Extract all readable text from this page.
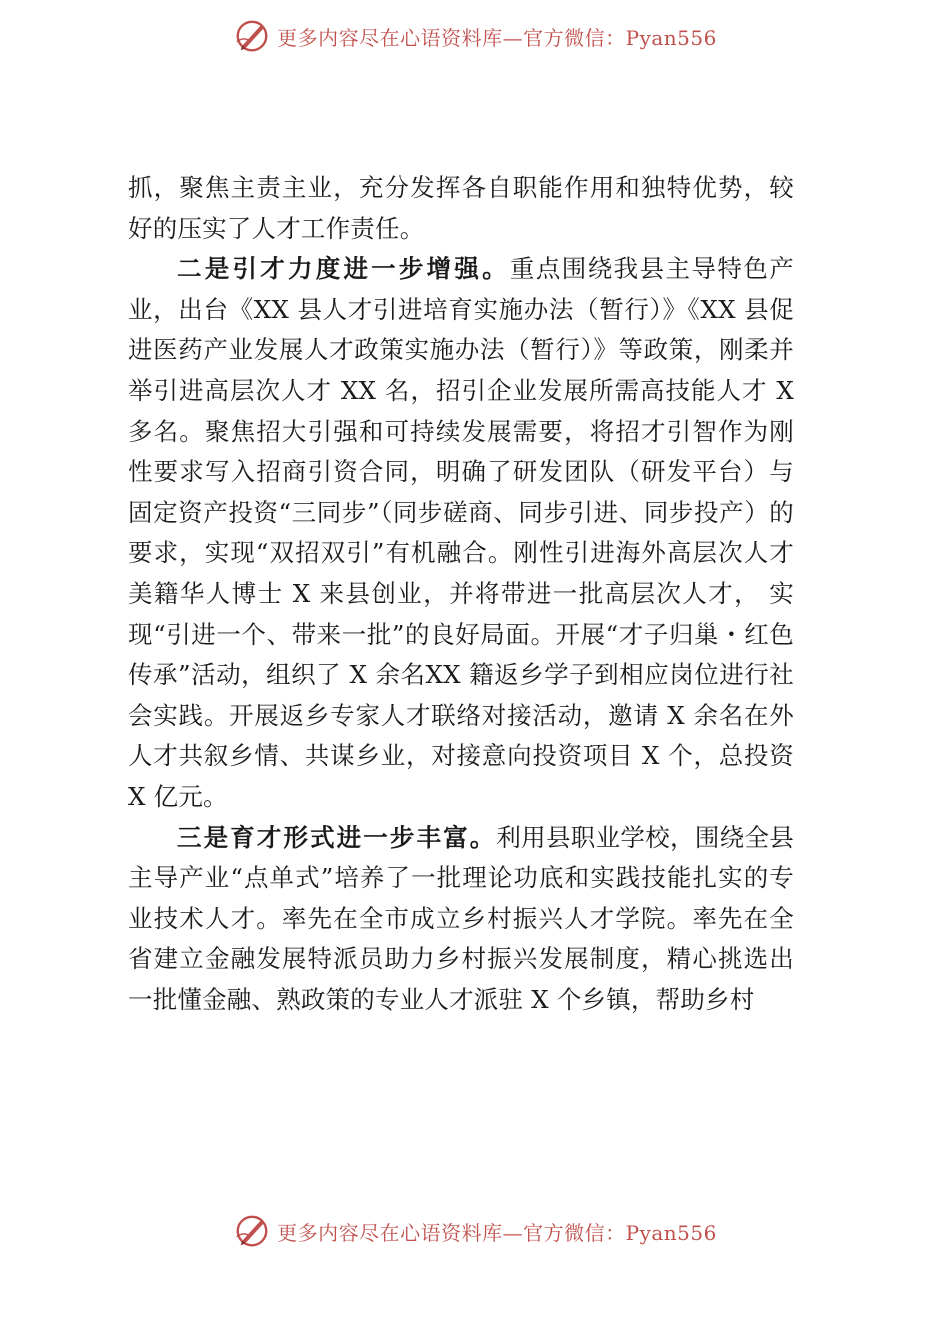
更多内容尽在心语资料库—官方微信：Pyan556

抓，聚焦主责主业，充分发挥各自职能作用和独特优势，较好的压实了人才工作责任。

二是引才力度进一步增强。重点围绕我县主导特色产业，出台《XX 县人才引进培育实施办法（暂行）》《XX 县促进医药产业发展人才政策实施办法（暂行）》等政策，刚柔并举引进高层次人才 XX 名，招引企业发展所需高技能人才 X 多名。聚焦招大引强和可持续发展需要，将招才引智作为刚性要求写入招商引资合同，明确了研发团队（研发平台）与固定资产投资“三同步”（同步磋商、同步引进、同步投产）的要求，实现“双招双引”有机融合。刚性引进海外高层次人才美籍华人博士 X 来县创业，并将带进一批高层次人才， 实现“引进一个、带来一批”的良好局面。开展“才子归巢・红色传承”活动，组织了 X 余名XX 籍返乡学子到相应岗位进行社会实践。开展返乡专家人才联络对接活动，邀请 X 余名在外人才共叙乡情、共谋乡业，对接意向投资项目 X 个，总投资 X 亿元。

三是育才形式进一步丰富。利用县职业学校，围绕全县主导产业“点单式”培养了一批理论功底和实践技能扎实的专业技术人才。率先在全市成立乡村振兴人才学院。率先在全省建立金融发展特派员助力乡村振兴发展制度，精心挑选出一批懂金融、熟政策的专业人才派驻 X 个乡镇，帮助乡村

更多内容尽在心语资料库—官方微信：Pyan556
